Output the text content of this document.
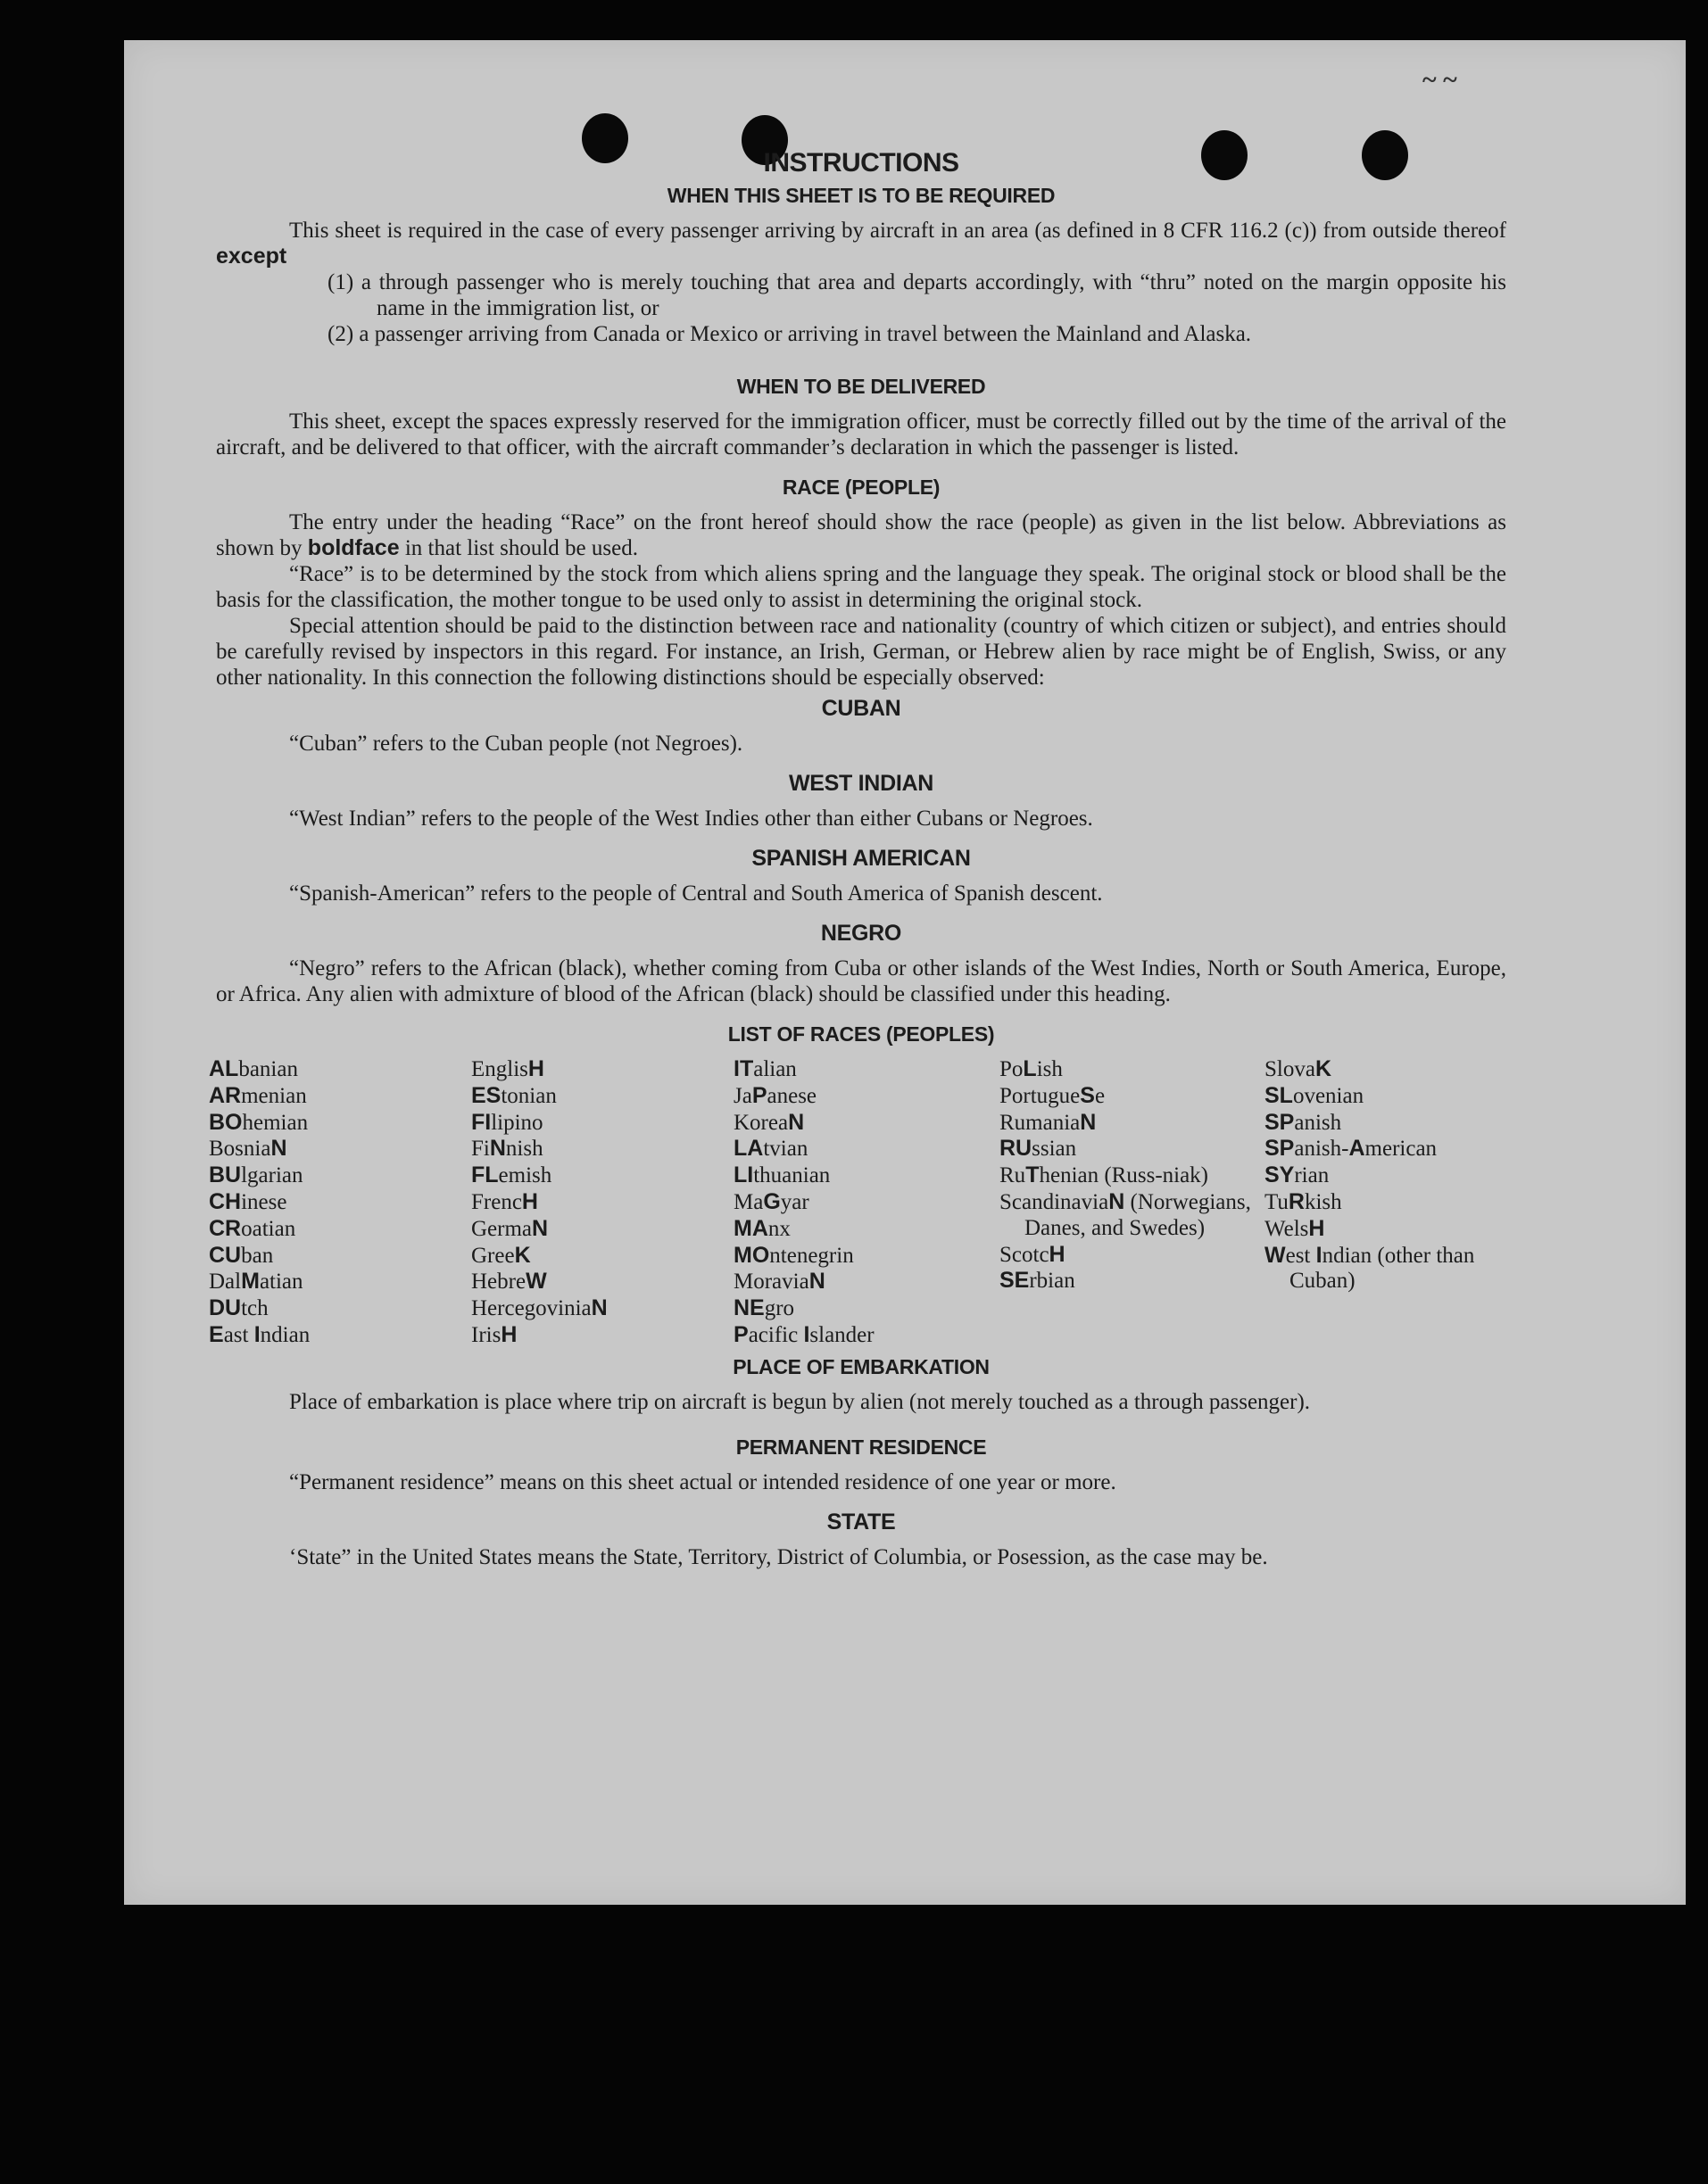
~ ~
INSTRUCTIONS
WHEN THIS SHEET IS TO BE REQUIRED

This sheet is required in the case of every passenger arriving by aircraft in an area (as defined in 8 CFR 116.2 (c)) from outside thereof except

(1) a through passenger who is merely touching that area and departs accordingly, with “thru” noted on the margin opposite his name in the immigration list, or
(2) a passenger arriving from Canada or Mexico or arriving in travel between the Mainland and Alaska.
WHEN TO BE DELIVERED

This sheet, except the spaces expressly reserved for the immigration officer, must be correctly filled out by the time of the arrival of the aircraft, and be delivered to that officer, with the aircraft commander’s declaration in which the passenger is listed.

RACE (PEOPLE)

The entry under the heading “Race” on the front hereof should show the race (people) as given in the list below. Abbreviations as shown by boldface in that list should be used.

“Race” is to be determined by the stock from which aliens spring and the language they speak. The original stock or blood shall be the basis for the classification, the mother tongue to be used only to assist in determining the original stock.

Special attention should be paid to the distinction between race and nationality (country of which citizen or subject), and entries should be carefully revised by inspectors in this regard. For instance, an Irish, German, or Hebrew alien by race might be of English, Swiss, or any other nationality. In this connection the following distinctions should be especially observed:

CUBAN

“Cuban” refers to the Cuban people (not Negroes).

WEST INDIAN

“West Indian” refers to the people of the West Indies other than either Cubans or Negroes.

SPANISH AMERICAN

“Spanish-American” refers to the people of Central and South America of Spanish descent.

NEGRO

“Negro” refers to the African (black), whether coming from Cuba or other islands of the West Indies, North or South America, Europe, or Africa. Any alien with admixture of blood of the African (black) should be classified under this heading.

LIST OF RACES (PEOPLES)
ALbanian
ARmenian
BOhemian
BosniaN
BUlgarian
CHinese
CRoatian
CUban
DalMatian
DUtch
East Indian
EnglisH
EStonian
FIlipino
FiNnish
FLemish
FrencH
GermaN
GreeK
HebreW
HercegoviniaN
IrisH
ITalian
JaPanese
KoreaN
LAtvian
LIthuanian
MaGyar
MAnx
MOntenegrin
MoraviaN
NEgro
Pacific Islander
PoLish
PortugueSe
RumaniaN
RUssian
RuThenian (Russ-niak)
ScandinaviaN (Norwegians, Danes, and Swedes)
ScotcH
SErbian
SlovaK
SLovenian
SPanish
SPanish-American
SYrian
TuRkish
WelsH
West Indian (other than Cuban)
PLACE OF EMBARKATION

Place of embarkation is place where trip on aircraft is begun by alien (not merely touched as a through passenger).

PERMANENT RESIDENCE

“Permanent residence” means on this sheet actual or intended residence of one year or more.

STATE

‘State” in the United States means the State, Territory, District of Columbia, or Posession, as the case may be.
